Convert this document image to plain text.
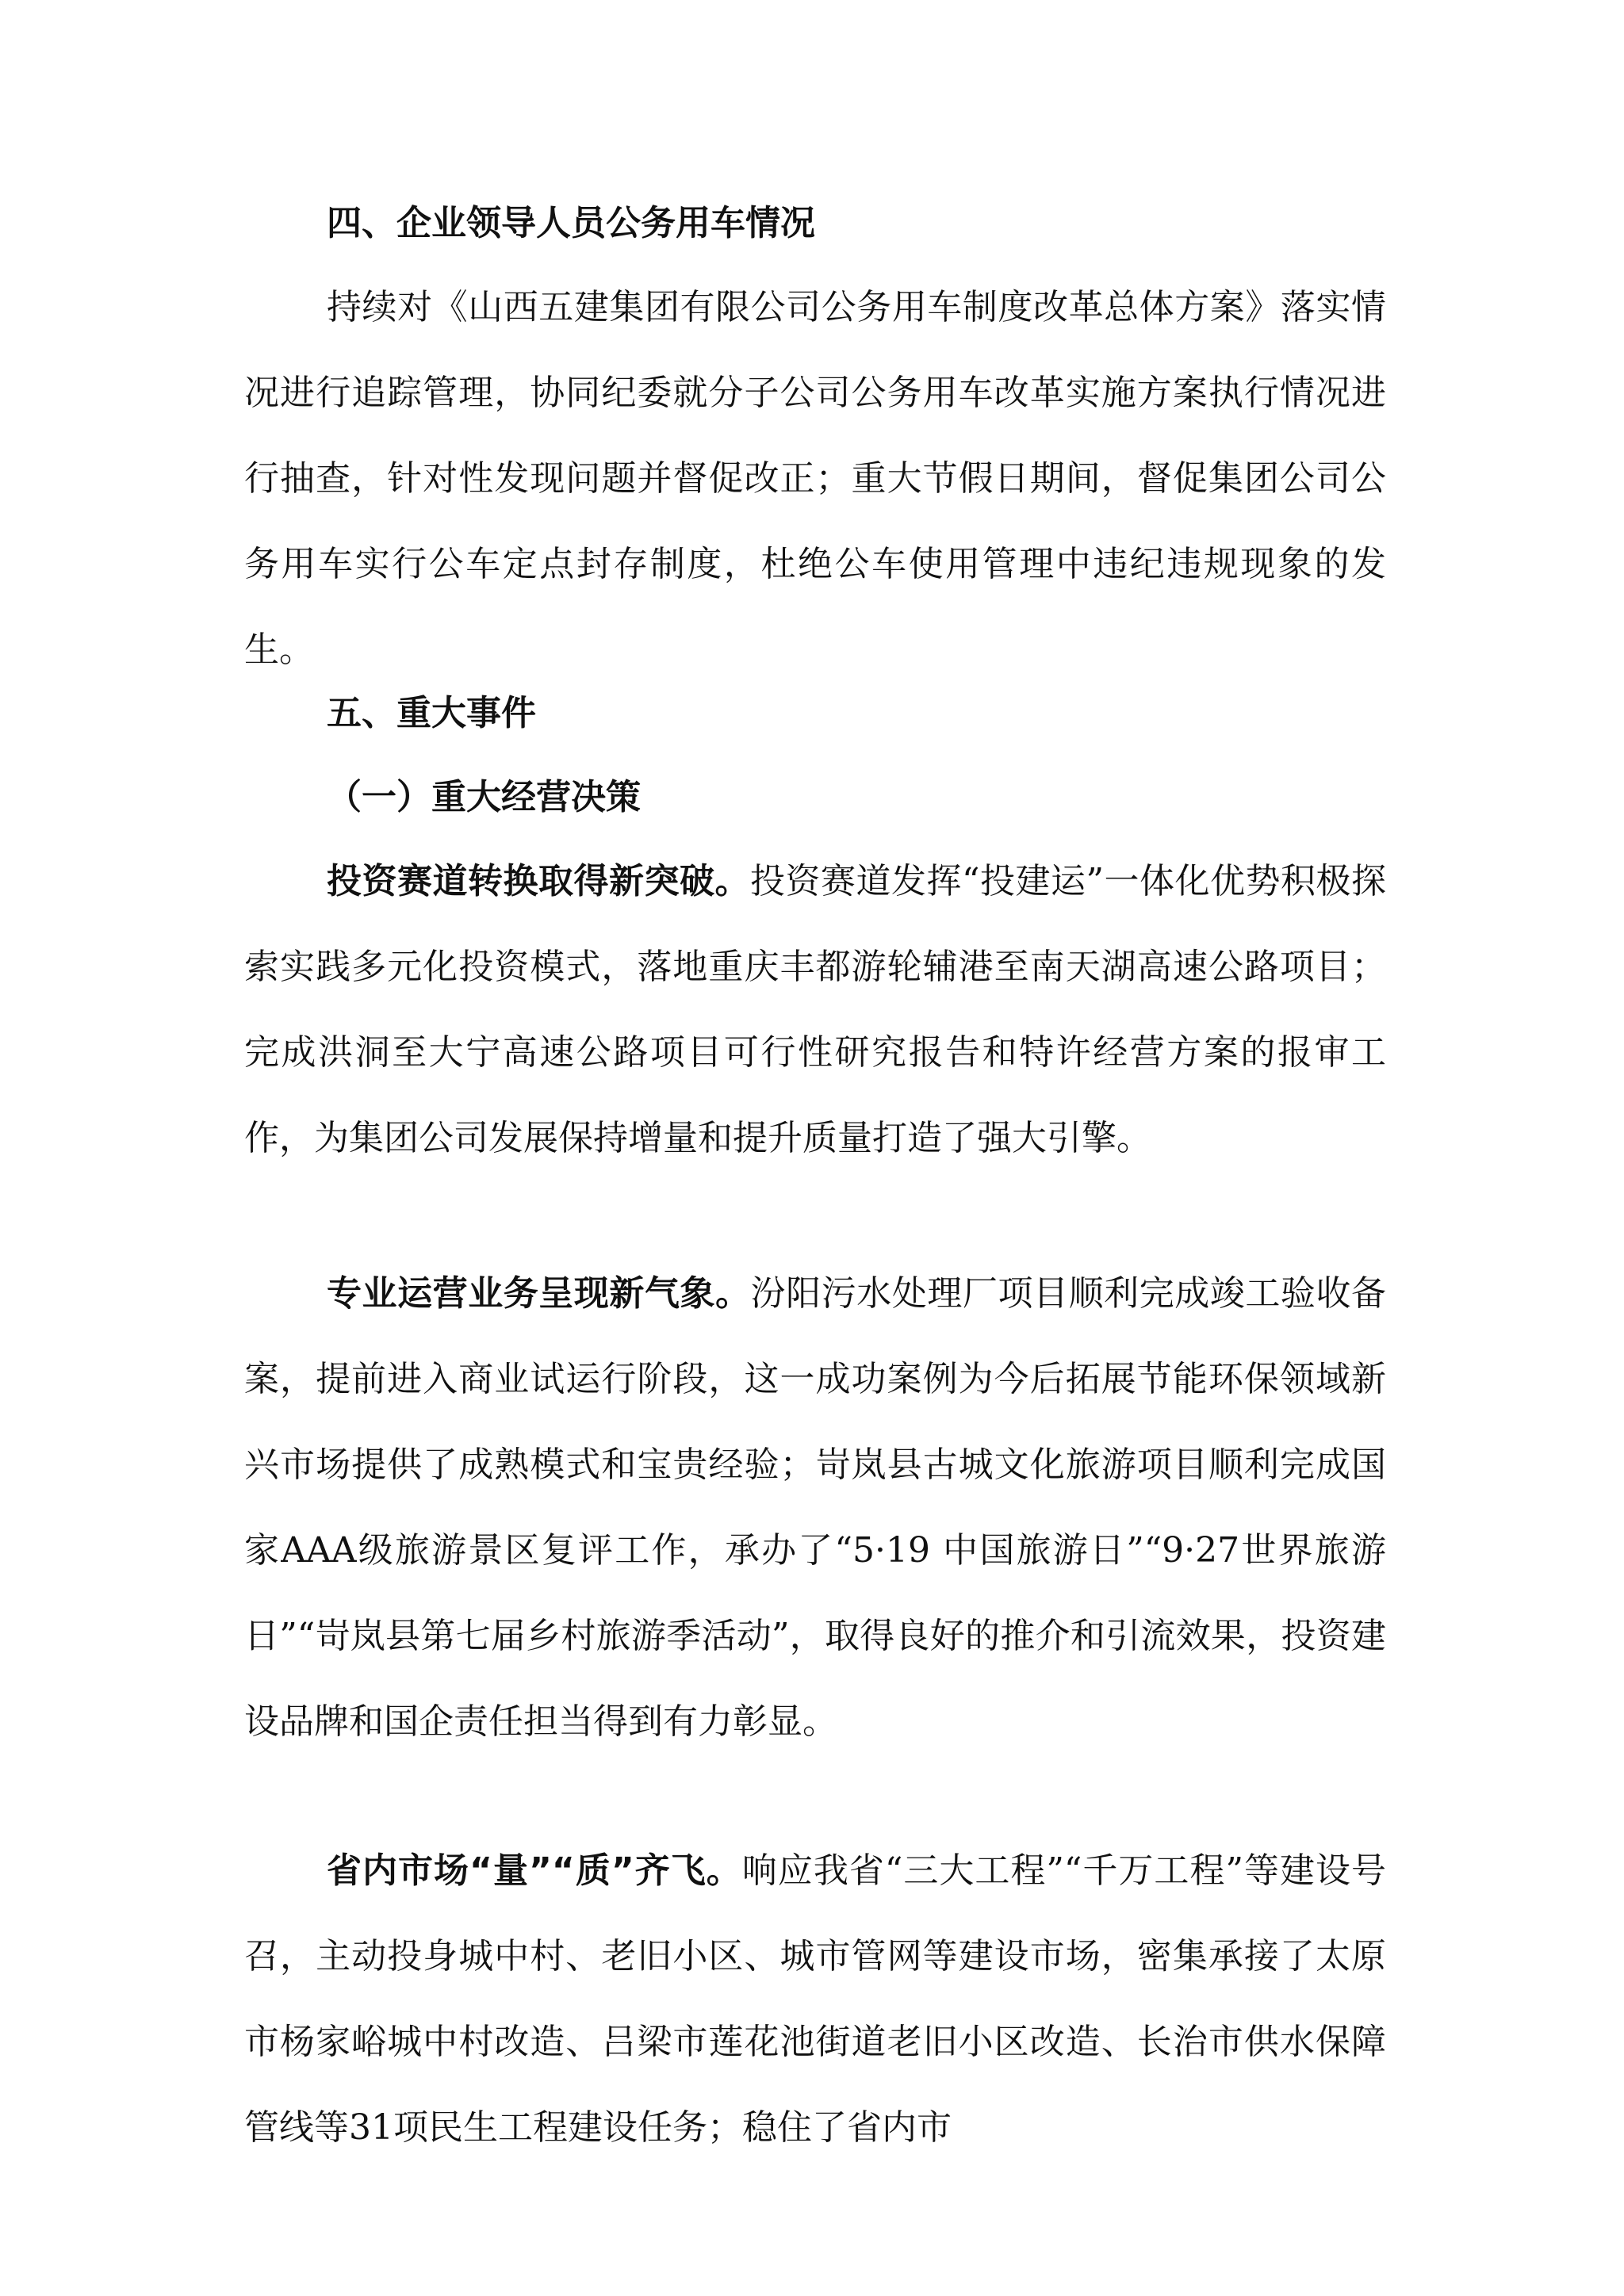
四、企业领导人员公务用车情况

持续对《山西五建集团有限公司公务用车制度改革总体方案》落实情况进行追踪管理，协同纪委就分子公司公务用车改革实施方案执行情况进行抽查，针对性发现问题并督促改正；重大节假日期间，督促集团公司公务用车实行公车定点封存制度，杜绝公车使用管理中违纪违规现象的发生。

五、重大事件
（一）重大经营决策

投资赛道转换取得新突破。投资赛道发挥“投建运”一体化优势积极探索实践多元化投资模式，落地重庆丰都游轮辅港至南天湖高速公路项目；完成洪洞至大宁高速公路项目可行性研究报告和特许经营方案的报审工作，为集团公司发展保持增量和提升质量打造了强大引擎。

专业运营业务呈现新气象。汾阳污水处理厂项目顺利完成竣工验收备案，提前进入商业试运行阶段，这一成功案例为今后拓展节能环保领域新兴市场提供了成熟模式和宝贵经验；岢岚县古城文化旅游项目顺利完成国家AAA级旅游景区复评工作，承办了“5·19 中国旅游日”“9·27世界旅游日”“岢岚县第七届乡村旅游季活动”，取得良好的推介和引流效果，投资建设品牌和国企责任担当得到有力彰显。

省内市场“量”“质”齐飞。响应我省“三大工程”“千万工程”等建设号召，主动投身城中村、老旧小区、城市管网等建设市场，密集承接了太原市杨家峪城中村改造、吕梁市莲花池街道老旧小区改造、长治市供水保障管线等31项民生工程建设任务；稳住了省内市
